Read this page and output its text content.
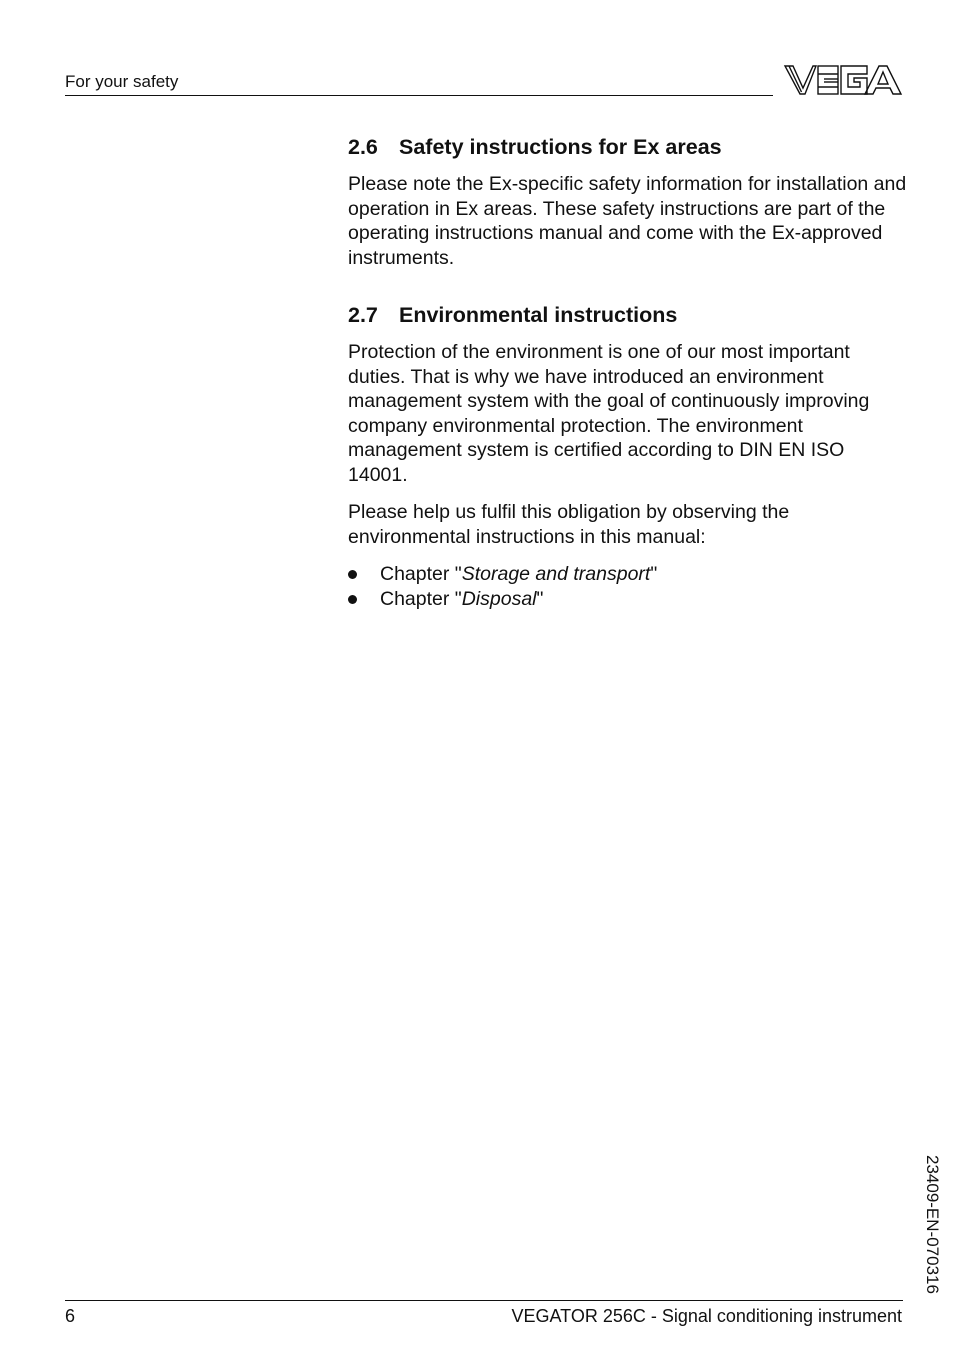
For your safety
2.6 Safety instructions for Ex areas

Please note the Ex-specific safety information for installation and operation in Ex areas. These safety instructions are part of the operating instructions manual and come with the Ex-approved instruments.

2.7 Environmental instructions

Protection of the environment is one of our most important duties. That is why we have introduced an environment management system with the goal of continuously improving company environmental protection. The environment management system is certified according to DIN EN ISO 14001.

Please help us fulfil this obligation by observing the environmental instructions in this manual:

Chapter "Storage and transport"
Chapter "Disposal"
23409-EN-070316
6	VEGATOR 256C - Signal conditioning instrument
